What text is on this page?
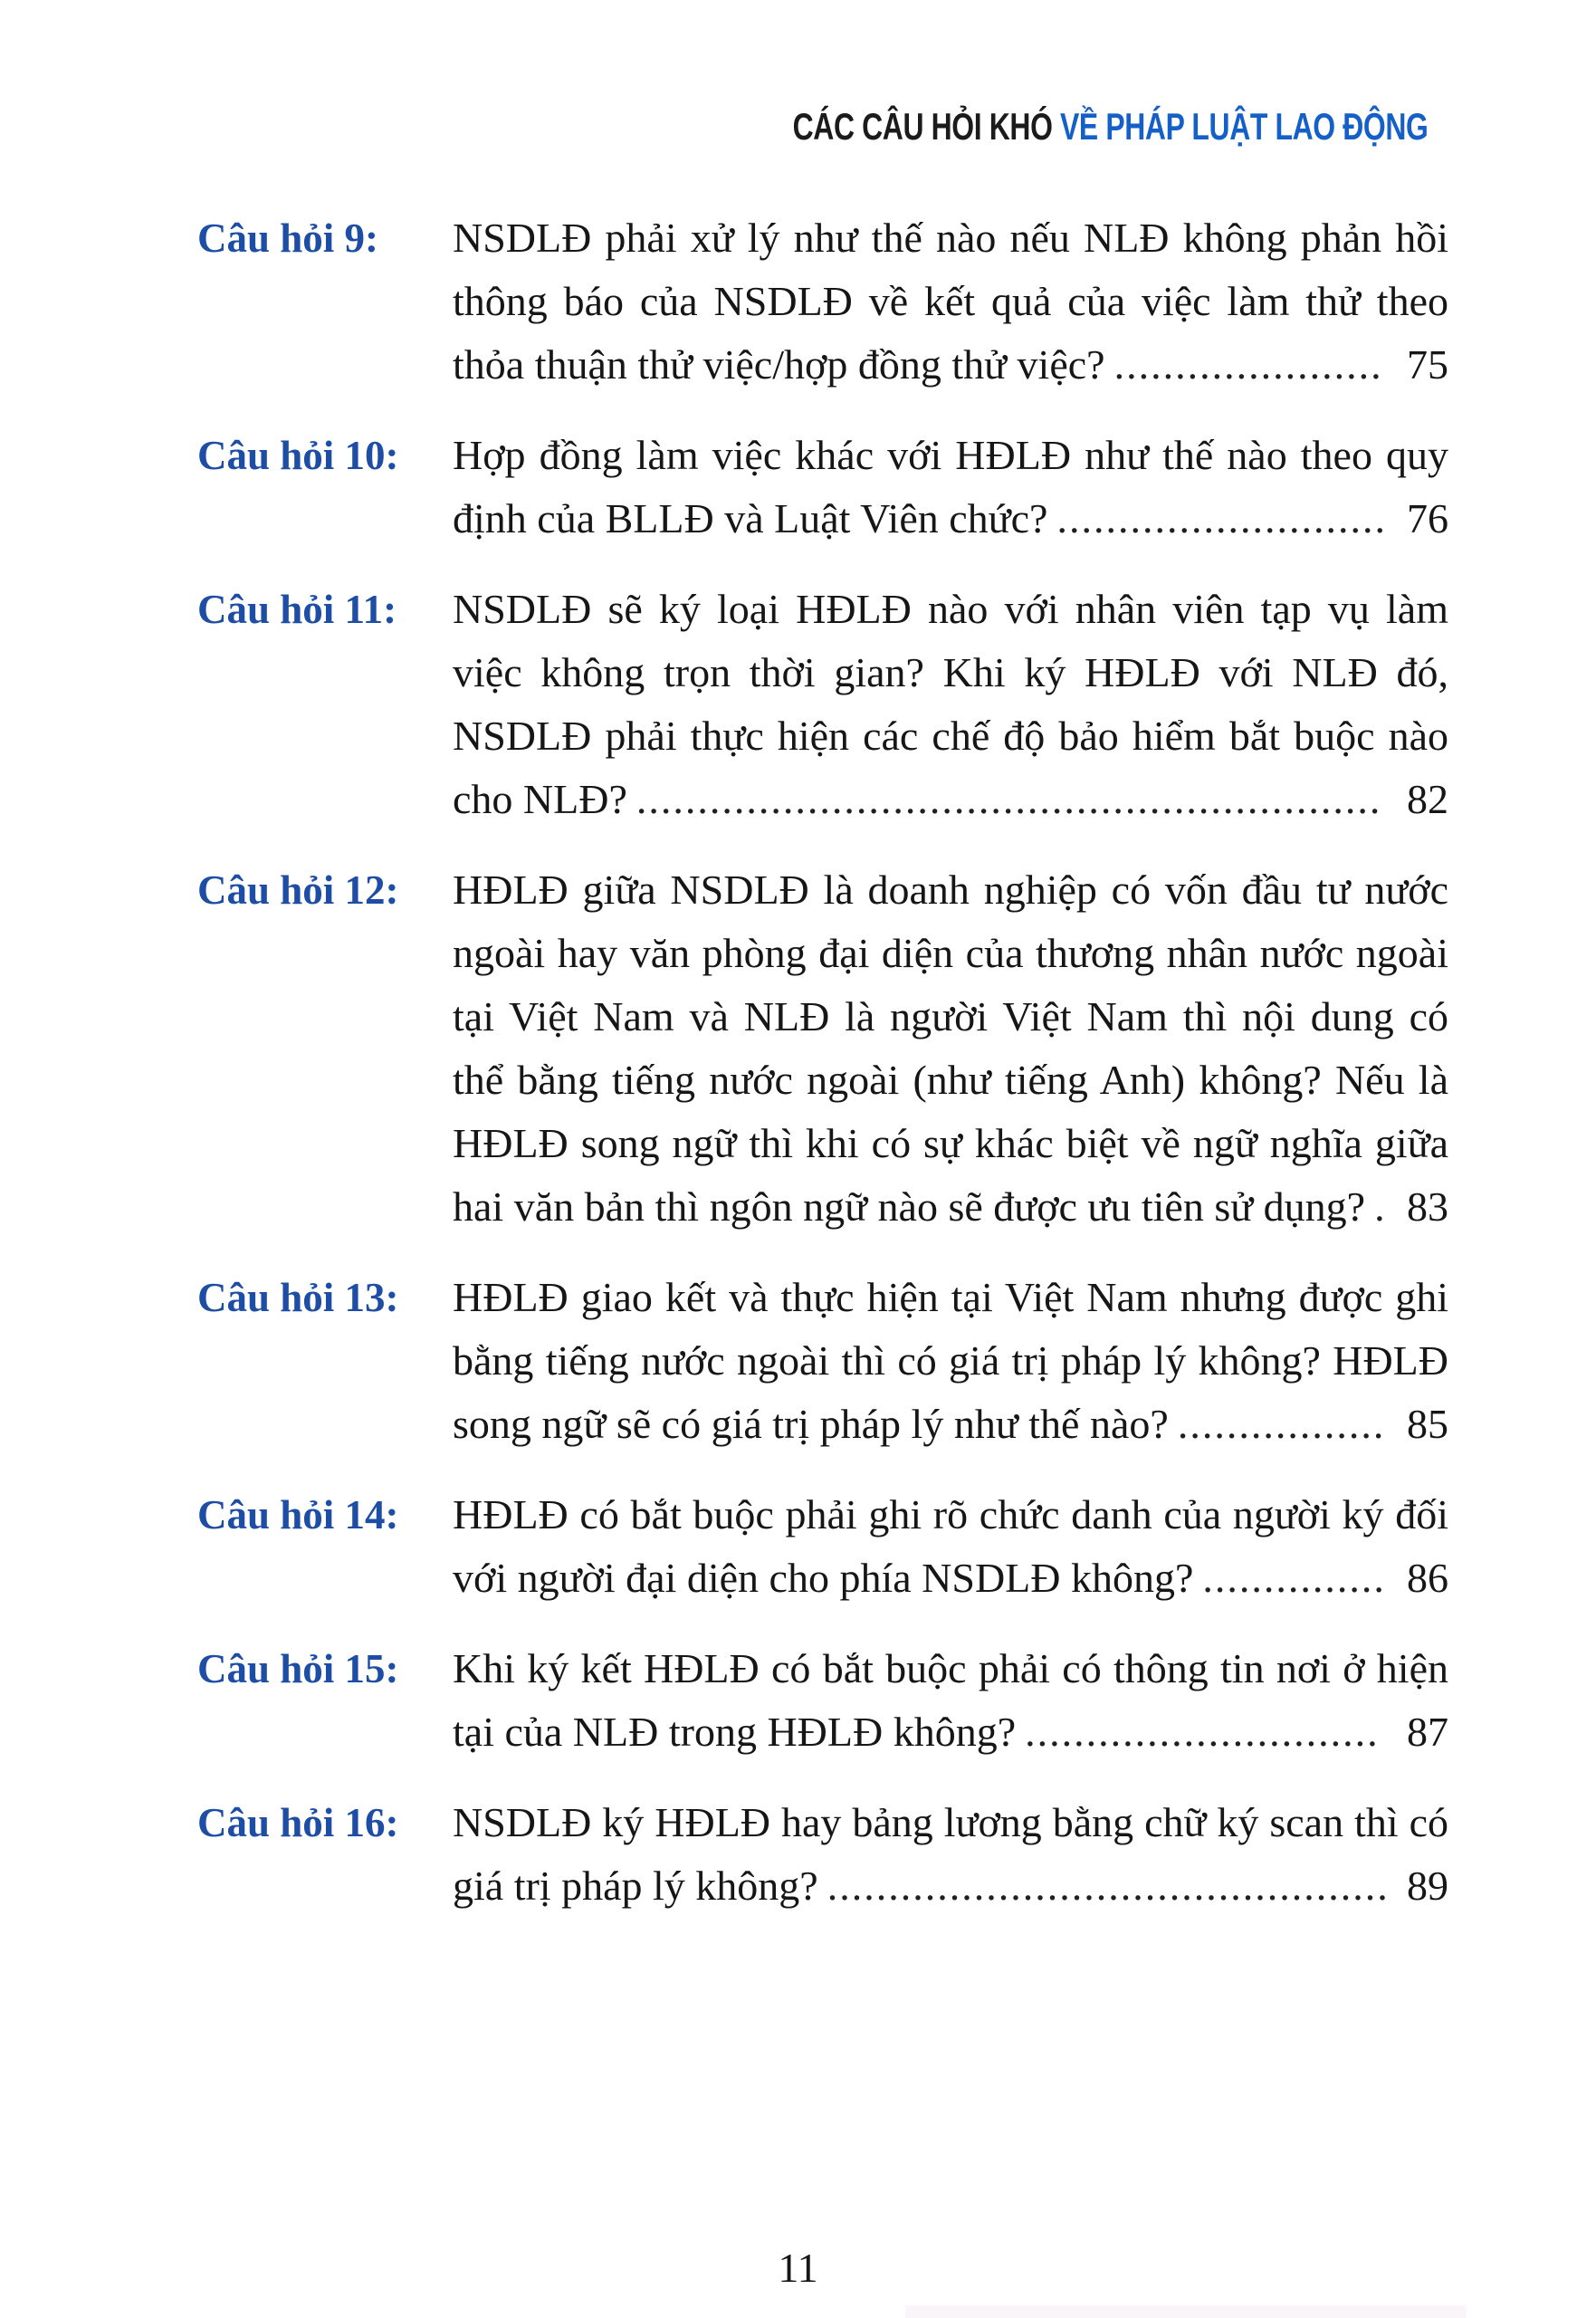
CÁC CÂU HỎI KHÓ VỀ PHÁP LUẬT LAO ĐỘNG
Câu hỏi 9:	NSDLĐ phải xử lý như thế nào nếu NLĐ không phản hồi thông báo của NSDLĐ về kết quả của việc làm thử theo thỏa thuận thử việc/hợp đồng thử việc? ...................... 75
Câu hỏi 10:	Hợp đồng làm việc khác với HĐLĐ như thế nào theo quy định của BLLĐ và Luật Viên chức? ........................... 76
Câu hỏi 11:	NSDLĐ sẽ ký loại HĐLĐ nào với nhân viên tạp vụ làm việc không trọn thời gian? Khi ký HĐLĐ với NLĐ đó, NSDLĐ phải thực hiện các chế độ bảo hiểm bắt buộc nào cho NLĐ? ............................................................. 82
Câu hỏi 12:	HĐLĐ giữa NSDLĐ là doanh nghiệp có vốn đầu tư nước ngoài hay văn phòng đại diện của thương nhân nước ngoài tại Việt Nam và NLĐ là người Việt Nam thì nội dung có thể bằng tiếng nước ngoài (như tiếng Anh) không? Nếu là HĐLĐ song ngữ thì khi có sự khác biệt về ngữ nghĩa giữa hai văn bản thì ngôn ngữ nào sẽ được ưu tiên sử dụng? . 83
Câu hỏi 13:	HĐLĐ giao kết và thực hiện tại Việt Nam nhưng được ghi bằng tiếng nước ngoài thì có giá trị pháp lý không? HĐLĐ song ngữ sẽ có giá trị pháp lý như thế nào? ................. 85
Câu hỏi 14:	HĐLĐ có bắt buộc phải ghi rõ chức danh của người ký đối với người đại diện cho phía NSDLĐ không? ............... 86
Câu hỏi 15:	Khi ký kết HĐLĐ có bắt buộc phải có thông tin nơi ở hiện tại của NLĐ trong HĐLĐ không? ............................. 87
Câu hỏi 16:	NSDLĐ ký HĐLĐ hay bảng lương bằng chữ ký scan thì có giá trị pháp lý không? .............................................. 89
11
